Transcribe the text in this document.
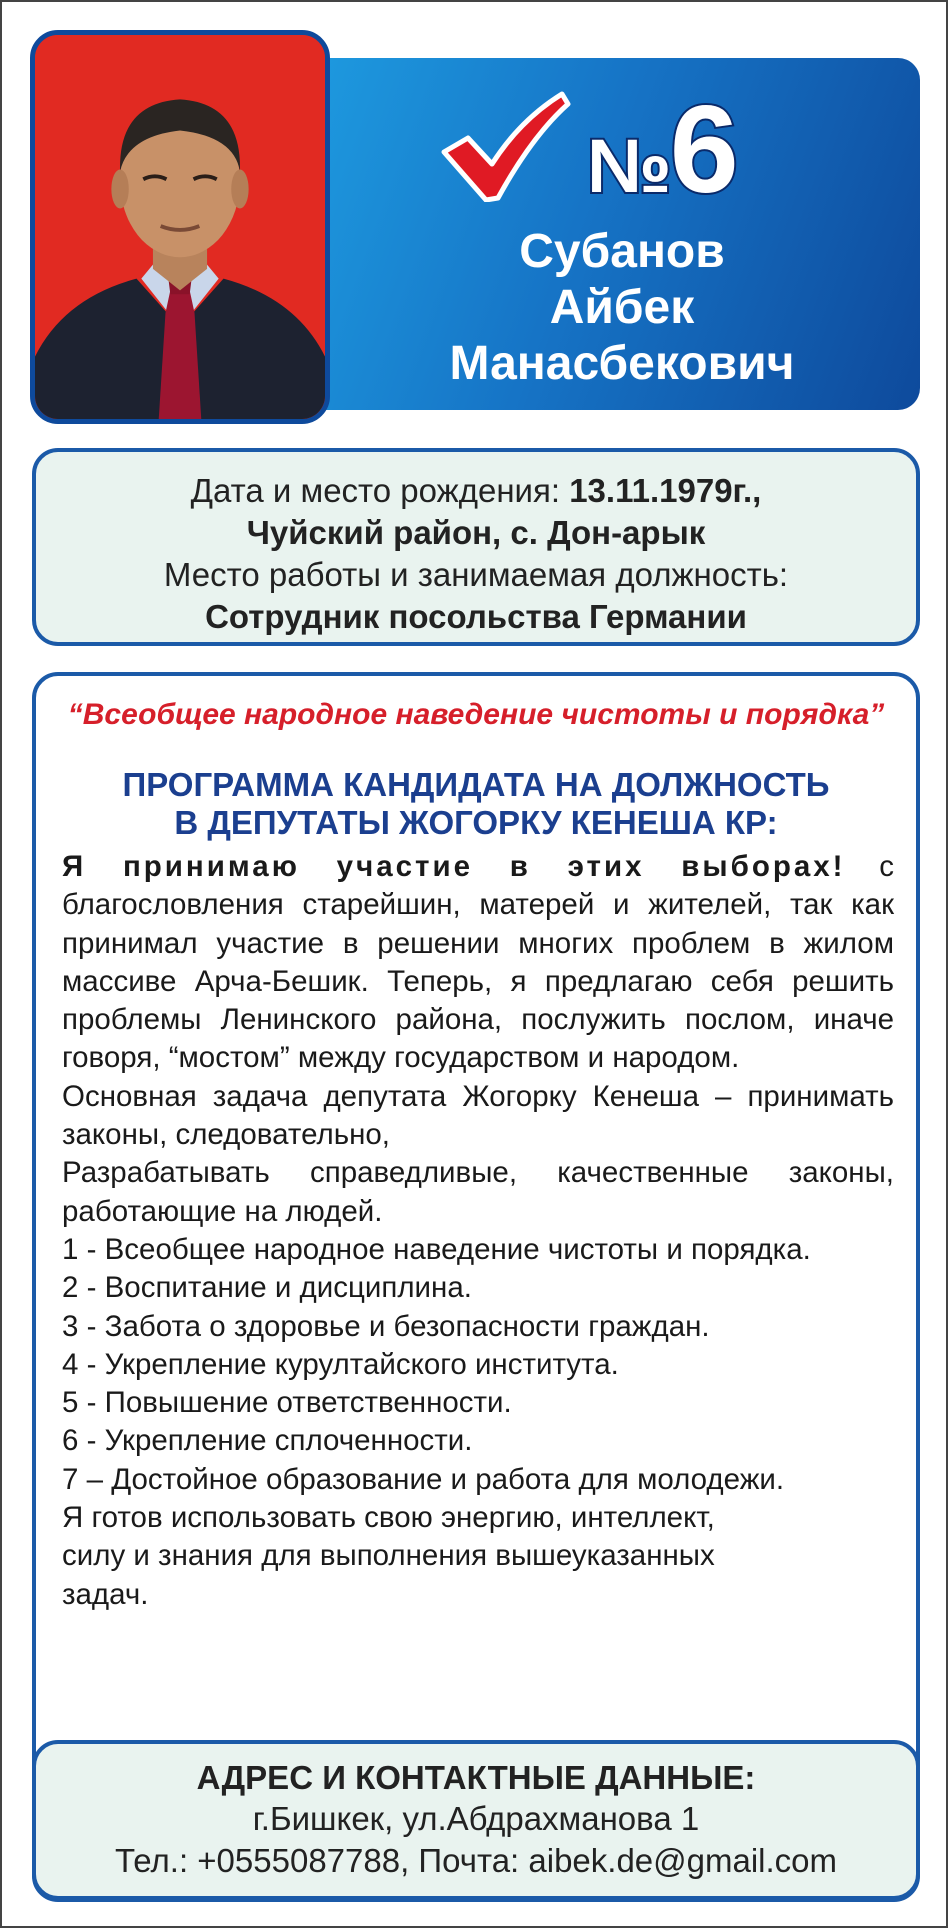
№6
Субанов
Айбек
Манасбекович
Дата и место рождения: 13.11.1979г.,
Чуйский район, с. Дон-арык
Место работы и занимаемая должность:
Сотрудник посольства Германии
“Всеобщее народное наведение чистоты и порядка”
ПРОГРАММА КАНДИДАТА НА ДОЛЖНОСТЬ
В ДЕПУТАТЫ ЖОГОРКУ КЕНЕША КР:

Я принимаю участие в этих выборах! с благословления старейшин, матерей и жителей, так как принимал участие в решении многих проблем в жилом массиве Арча-Бешик. Теперь, я предлагаю себя решить проблемы Ленинского района, послужить послом, иначе говоря, “мостом” между государством и народом.

Основная задача депутата Жогорку Кенеша – принимать законы, следовательно,

Разрабатывать справедливые, качественные законы, работающие на людей.

1 - Всеобщее народное наведение чистоты и порядка.

2 - Воспитание и дисциплина.

3 - Забота о здоровье и безопасности граждан.

4 - Укрепление курултайского института.

5 - Повышение ответственности.

6 - Укрепление сплоченности.

7 – Достойное образование и работа для молодежи.

Я готов использовать свою энергию, интеллект, силу и знания для выполнения вышеуказанных задач.

АДРЕС И КОНТАКТНЫЕ ДАННЫЕ:
г.Бишкек, ул.Абдрахманова 1
Тел.: +0555087788, Почта: aibek.de@gmail.com
